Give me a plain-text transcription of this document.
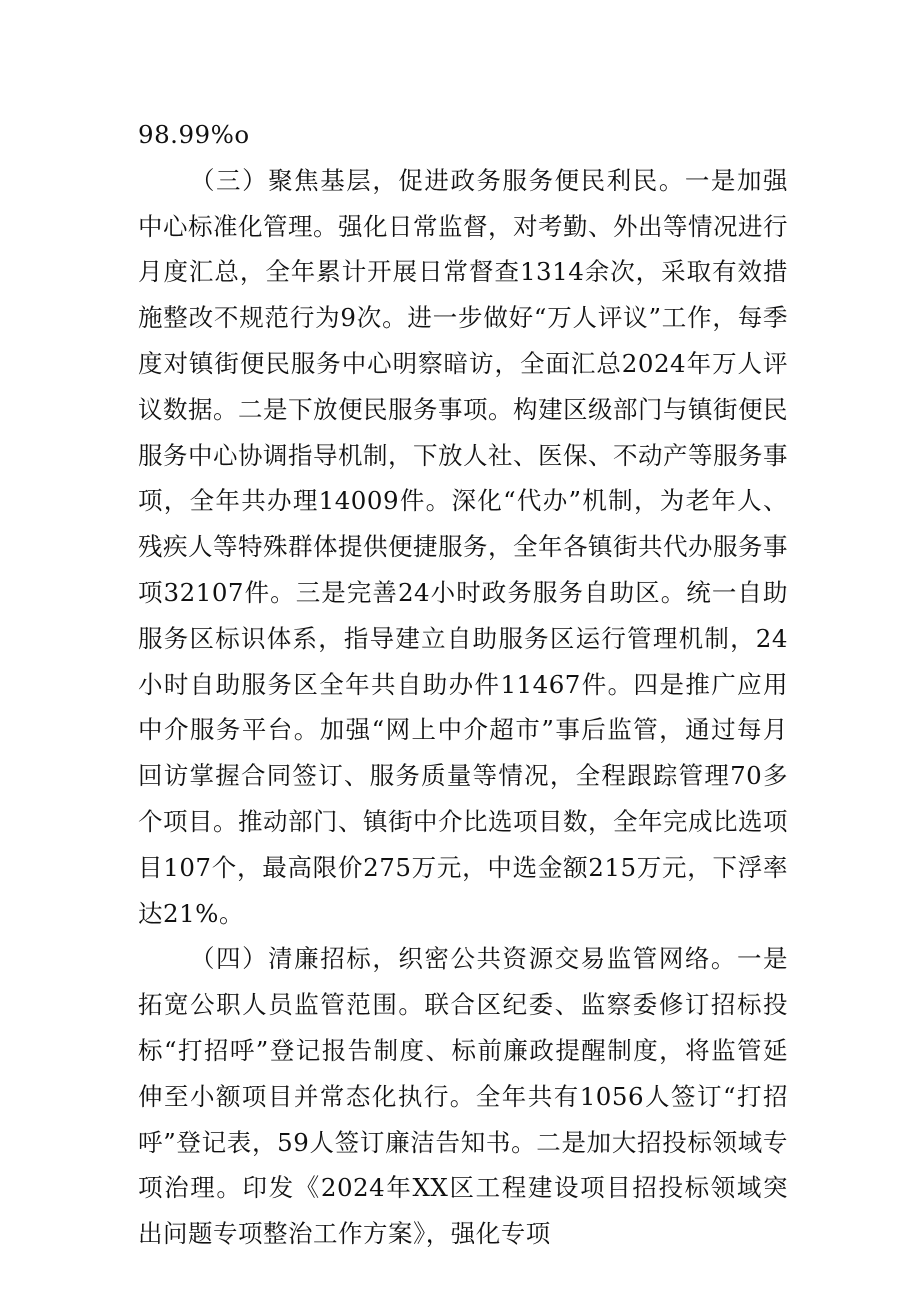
98.99%o

（三）聚焦基层，促进政务服务便民利民。一是加强中心标准化管理。强化日常监督，对考勤、外出等情况进行月度汇总，全年累计开展日常督查1314余次，采取有效措施整改不规范行为9次。进一步做好“万人评议”工作，每季度对镇街便民服务中心明察暗访，全面汇总2024年万人评议数据。二是下放便民服务事项。构建区级部门与镇街便民服务中心协调指导机制，下放人社、医保、不动产等服务事项，全年共办理14009件。深化“代办”机制，为老年人、残疾人等特殊群体提供便捷服务，全年各镇街共代办服务事项32107件。三是完善24小时政务服务自助区。统一自助服务区标识体系，指导建立自助服务区运行管理机制，24小时自助服务区全年共自助办件11467件。四是推广应用中介服务平台。加强“网上中介超市”事后监管，通过每月回访掌握合同签订、服务质量等情况，全程跟踪管理70多个项目。推动部门、镇街中介比选项目数，全年完成比选项目107个，最高限价275万元，中选金额215万元，下浮率达21%。

（四）清廉招标，织密公共资源交易监管网络。一是拓宽公职人员监管范围。联合区纪委、监察委修订招标投标“打招呼”登记报告制度、标前廉政提醒制度，将监管延伸至小额项目并常态化执行。全年共有1056人签订“打招呼”登记表，59人签订廉洁告知书。二是加大招投标领域专项治理。印发《2024年XX区工程建设项目招投标领域突出问题专项整治工作方案》，强化专项
